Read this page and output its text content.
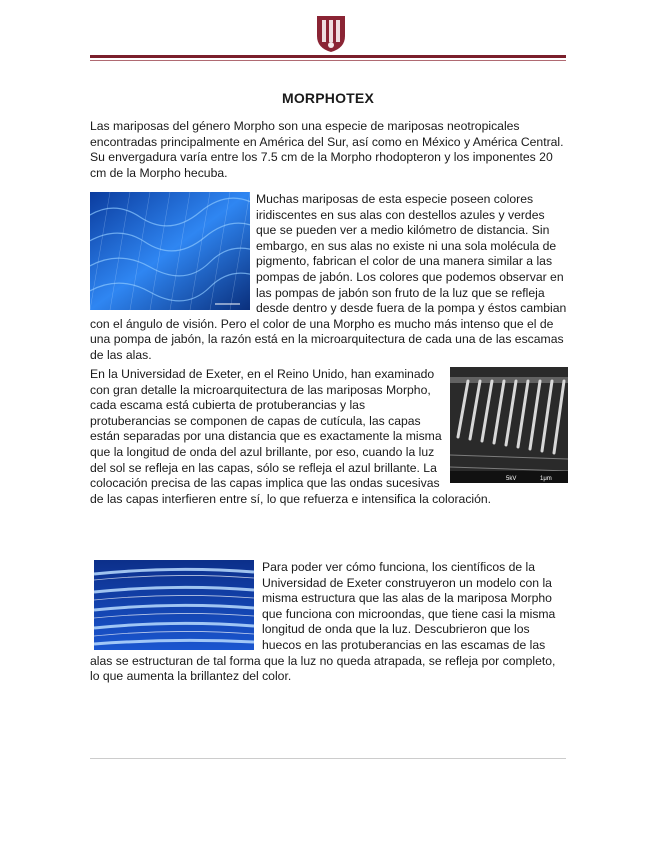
MORPHOTEX

Las mariposas del género Morpho son una especie de mariposas neotropicales encontradas principalmente en América del Sur, así como en México y América Central. Su envergadura varía entre los 7.5 cm de la Morpho rhodopteron y los imponentes 20 cm de la Morpho hecuba.

Muchas mariposas de esta especie poseen colores iridiscentes en sus alas con destellos azules y verdes que se pueden ver a medio kilómetro de distancia. Sin embargo, en sus alas no existe ni una sola molécula de pigmento, fabrican el color de una manera similar a las pompas de jabón. Los colores que podemos observar en las pompas de jabón son fruto de la luz que se refleja desde dentro y desde fuera de la pompa y éstos cambian con el ángulo de visión. Pero el color de una Morpho es mucho más intenso que el de una pompa de jabón, la razón está en la microarquitectura de cada una de las escamas de las alas.

5kV	1μm
En la Universidad de Exeter, en el Reino Unido, han examinado con gran detalle la microarquitectura de las mariposas Morpho, cada escama está cubierta de protuberancias y las protuberancias se componen de capas de cutícula, las capas están separadas por una distancia que es exactamente la misma que la longitud de onda del azul brillante, por eso, cuando la luz del sol se refleja en las capas, sólo se refleja el azul brillante. La colocación precisa de las capas implica que las ondas sucesivas de las capas interfieren entre sí, lo que refuerza e intensifica la coloración.

Para poder ver cómo funciona, los científicos de la Universidad de Exeter construyeron un modelo con la misma estructura que las alas de la mariposa Morpho que funciona con microondas, que tiene casi la misma longitud de onda que la luz. Descubrieron que los huecos en las protuberancias en las escamas de las alas se estructuran de tal forma que la luz no queda atrapada, se refleja por completo, lo que aumenta la brillantez del color.
